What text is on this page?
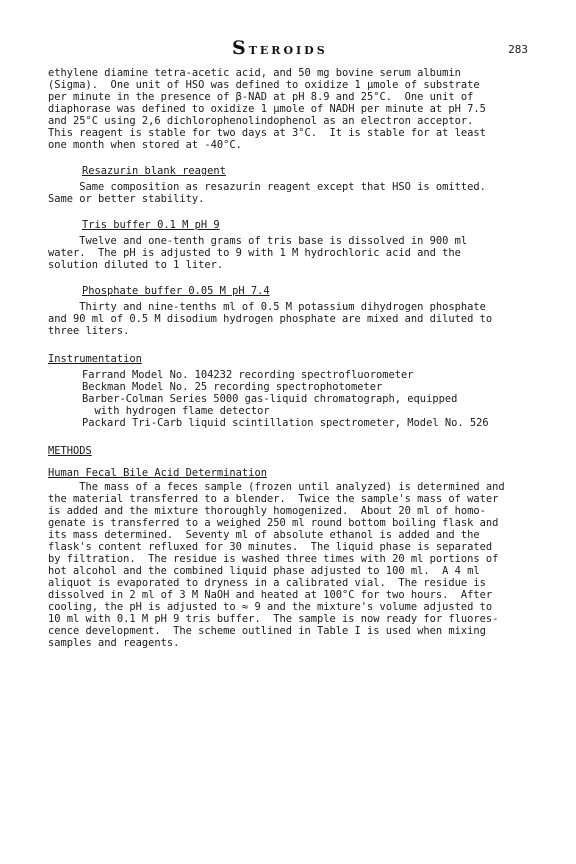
STEROIDS	283

ethylene diamine tetra-acetic acid, and 50 mg bovine serum albumin
(Sigma).  One unit of HSO was defined to oxidize 1 μmole of substrate
per minute in the presence of β-NAD at pH 8.9 and 25°C.  One unit of
diaphorase was defined to oxidize 1 μmole of NADH per minute at pH 7.5
and 25°C using 2,6 dichlorophenolindophenol as an electron acceptor.
This reagent is stable for two days at 3°C.  It is stable for at least
one month when stored at -40°C.

Resazurin blank reagent

Same composition as resazurin reagent except that HSO is omitted.
Same or better stability.

Tris buffer 0.1 M pH 9

Twelve and one-tenth grams of tris base is dissolved in 900 ml
water.  The pH is adjusted to 9 with 1 M hydrochloric acid and the
solution diluted to 1 liter.

Phosphate buffer 0.05 M pH 7.4

Thirty and nine-tenths ml of 0.5 M potassium dihydrogen phosphate
and 90 ml of 0.5 M disodium hydrogen phosphate are mixed and diluted to
three liters.

Instrumentation

Farrand Model No. 104232 recording spectrofluorometer
Beckman Model No. 25 recording spectrophotometer
Barber-Colman Series 5000 gas-liquid chromatograph, equipped
with hydrogen flame detector
Packard Tri-Carb liquid scintillation spectrometer, Model No. 526

METHODS

Human Fecal Bile Acid Determination

The mass of a feces sample (frozen until analyzed) is determined and
the material transferred to a blender.  Twice the sample's mass of water
is added and the mixture thoroughly homogenized.  About 20 ml of homo-
genate is transferred to a weighed 250 ml round bottom boiling flask and
its mass determined.  Seventy ml of absolute ethanol is added and the
flask's content refluxed for 30 minutes.  The liquid phase is separated
by filtration.  The residue is washed three times with 20 ml portions of
hot alcohol and the combined liquid phase adjusted to 100 ml.  A 4 ml
aliquot is evaporated to dryness in a calibrated vial.  The residue is
dissolved in 2 ml of 3 M NaOH and heated at 100°C for two hours.  After
cooling, the pH is adjusted to ≈ 9 and the mixture's volume adjusted to
10 ml with 0.1 M pH 9 tris buffer.  The sample is now ready for fluores-
cence development.  The scheme outlined in Table I is used when mixing
samples and reagents.
